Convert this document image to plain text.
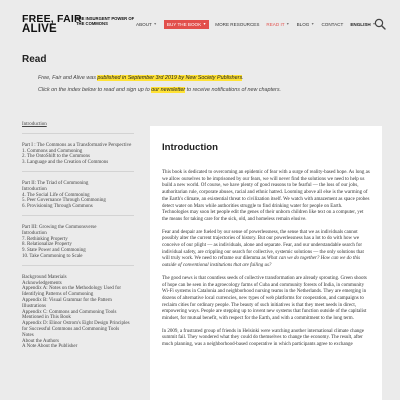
FREE, FAIR
ALIVE
THE INSURGENT POWER OF THE COMMONS	ABOUT ▼ BUY THE BOOK ▼ MORE RESOURCES READ IT ▼ BLOG ▼ CONTACT ENGLISH ▼
Read

Free, Fair and Alive was published in September 3rd 2019 by New Society Publishers.

Click on the index below to read and sign up to our newsletter to receive notifications of new chapters.

Introduction
Part I : The Commons as a Transformative Perspective
1. Commons and Commoning
2. The OntoShift to the Commons
3. Language and the Creation of Commons
Part II: The Triad of Commoning
Introduction
4. The Social Life of Commoning
5. Peer Governance Through Commoning
6. Provisioning Through Commons
Part III: Growing the Commonsverse
Introduction
7. Rethinking Property
8. Relationalize Property
9. State Power and Commoning
10. Take Commoning to Scale
Background Materials
Acknowledgements
Appendix A: Notes on the Methodology Used for Identifying Patterns of Commoning
Appendix B: Visual Grammar for the Pattern Illustrations
Appendix C: Commons and Commoning Tools Mentioned in This Book
Appendix D: Elinor Ostrom's Eight Design Principles for Successful Commons and Commoning Tools
Notes
About the Authors
A Note About the Publisher
Introduction

This book is dedicated to overcoming an epidemic of fear with a surge of reality-based hope. As long as we allow ourselves to be imprisoned by our fears, we will never find the solutions we need to help us build a new world. Of course, we have plenty of good reasons to be fearful — the loss of our jobs, authoritarian rule, corporate abuses, racial and ethnic hatred. Looming above all else is the warming of the Earth's climate, an existential threat to civilization itself. We watch with amazement as space probes detect water on Mars while authorities struggle to find drinking water for people on Earth. Technologies may soon let people edit the genes of their unborn children like text on a computer, yet the means for taking care for the sick, old, and homeless remain elusive.

Fear and despair are fueled by our sense of powerlessness, the sense that we as individuals cannot possibly alter the current trajectories of history. But our powerlessness has a lot to do with how we conceive of our plight — as individuals, alone and separate. Fear, and our understandable search for individual safety, are crippling our search for collective, systemic solutions — the only solutions that will truly work. We need to reframe our dilemma as What can we do together? How can we do this outside of conventional institutions that are failing us?

The good news is that countless seeds of collective transformation are already sprouting. Green shoots of hope can be seen in the agroecology farms of Cuba and community forests of India, in community Wi-Fi systems in Catalonia and neighborhood nursing teams in the Netherlands. They are emerging in dozens of alternative local currencies, new types of web platforms for cooperation, and campaigns to reclaim cities for ordinary people. The beauty of such initiatives is that they meet needs in direct, empowering ways. People are stepping up to invent new systems that function outside of the capitalist mindset, for mutual benefit, with respect for the Earth, and with a commitment to the long term.

In 2009, a frustrated group of friends in Helsinki were watching another international climate change summit fail. They wondered what they could do themselves to change the economy. The result, after much planning, was a neighborhood-based cooperative in which participants agree to exchange
